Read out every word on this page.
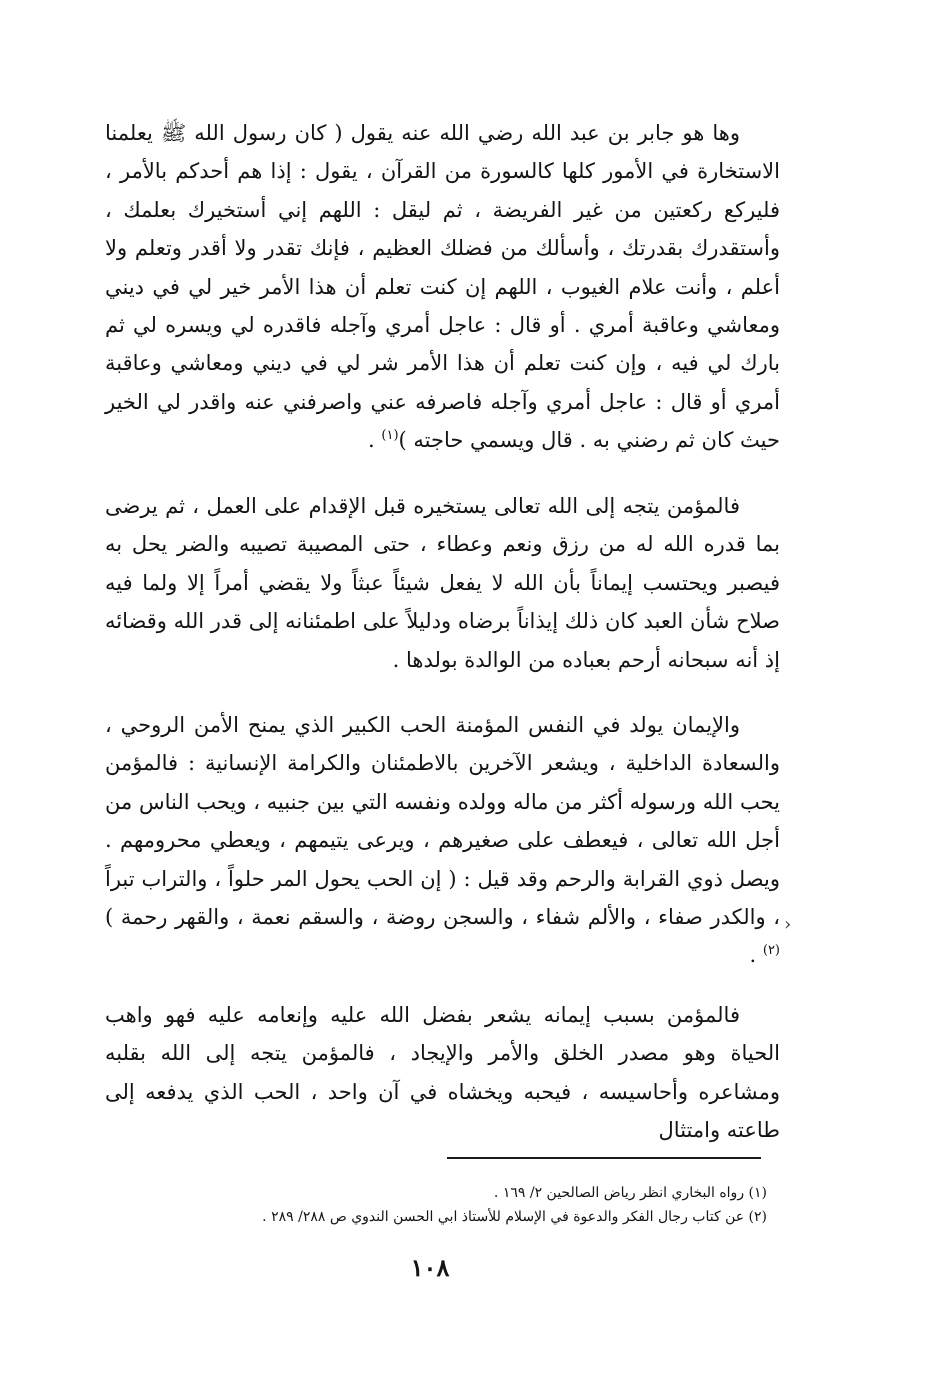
وها هو جابر بن عبد الله رضي الله عنه يقول ( كان رسول الله ﷺ يعلمنا الاستخارة في الأمور كلها كالسورة من القرآن ، يقول : إذا هم أحدكم بالأمر ، فليركع ركعتين من غير الفريضة ، ثم ليقل : اللهم إني أستخيرك بعلمك ، وأستقدرك بقدرتك ، وأسألك من فضلك العظيم ، فإنك تقدر ولا أقدر وتعلم ولا أعلم ، وأنت علام الغيوب ، اللهم إن كنت تعلم أن هذا الأمر خير لي في ديني ومعاشي وعاقبة أمري . أو قال : عاجل أمري وآجله فاقدره لي ويسره لي ثم بارك لي فيه ، وإن كنت تعلم أن هذا الأمر شر لي في ديني ومعاشي وعاقبة أمري أو قال : عاجل أمري وآجله فاصرفه عني واصرفني عنه واقدر لي الخير حيث كان ثم رضني به . قال ويسمي حاجته )$^{(١)}$ .

فالمؤمن يتجه إلى الله تعالى يستخيره قبل الإقدام على العمل ، ثم يرضى بما قدره الله له من رزق ونعم وعطاء ، حتى المصيبة تصيبه والضر يحل به فيصبر ويحتسب إيماناً بأن الله لا يفعل شيئاً عبثاً ولا يقضي أمراً إلا ولما فيه صلاح شأن العبد كان ذلك إيذاناً برضاه ودليلاً على اطمئنانه إلى قدر الله وقضائه إذ أنه سبحانه أرحم بعباده من الوالدة بولدها .

والإيمان يولد في النفس المؤمنة الحب الكبير الذي يمنح الأمن الروحي ، والسعادة الداخلية ، ويشعر الآخرين بالاطمئنان والكرامة الإنسانية : فالمؤمن يحب الله ورسوله أكثر من ماله وولده ونفسه التي بين جنبيه ، ويحب الناس من أجل الله تعالى ، فيعطف على صغيرهم ، ويرعى يتيمهم ، ويعطي محرومهم . ويصل ذوي القرابة والرحم وقد قيل : ( إن الحب يحول المر حلواً ، والتراب تبراً ، والكدر صفاء ، والألم شفاء ، والسجن روضة ، والسقم نعمة ، والقهر رحمة )$^{(٢)}$ .

›

فالمؤمن بسبب إيمانه يشعر بفضل الله عليه وإنعامه عليه فهو واهب الحياة وهو مصدر الخلق والأمر والإيجاد ، فالمؤمن يتجه إلى الله بقلبه ومشاعره وأحاسيسه ، فيحبه ويخشاه في آن واحد ، الحب الذي يدفعه إلى طاعته وامتثال

(١) رواه البخاري انظر رياض الصالحين ٢/ ١٦٩ .

(٢) عن كتاب رجال الفكر والدعوة في الإسلام للأستاذ ابي الحسن الندوي ص ٢٨٨/ ٢٨٩ .

١٠٨
